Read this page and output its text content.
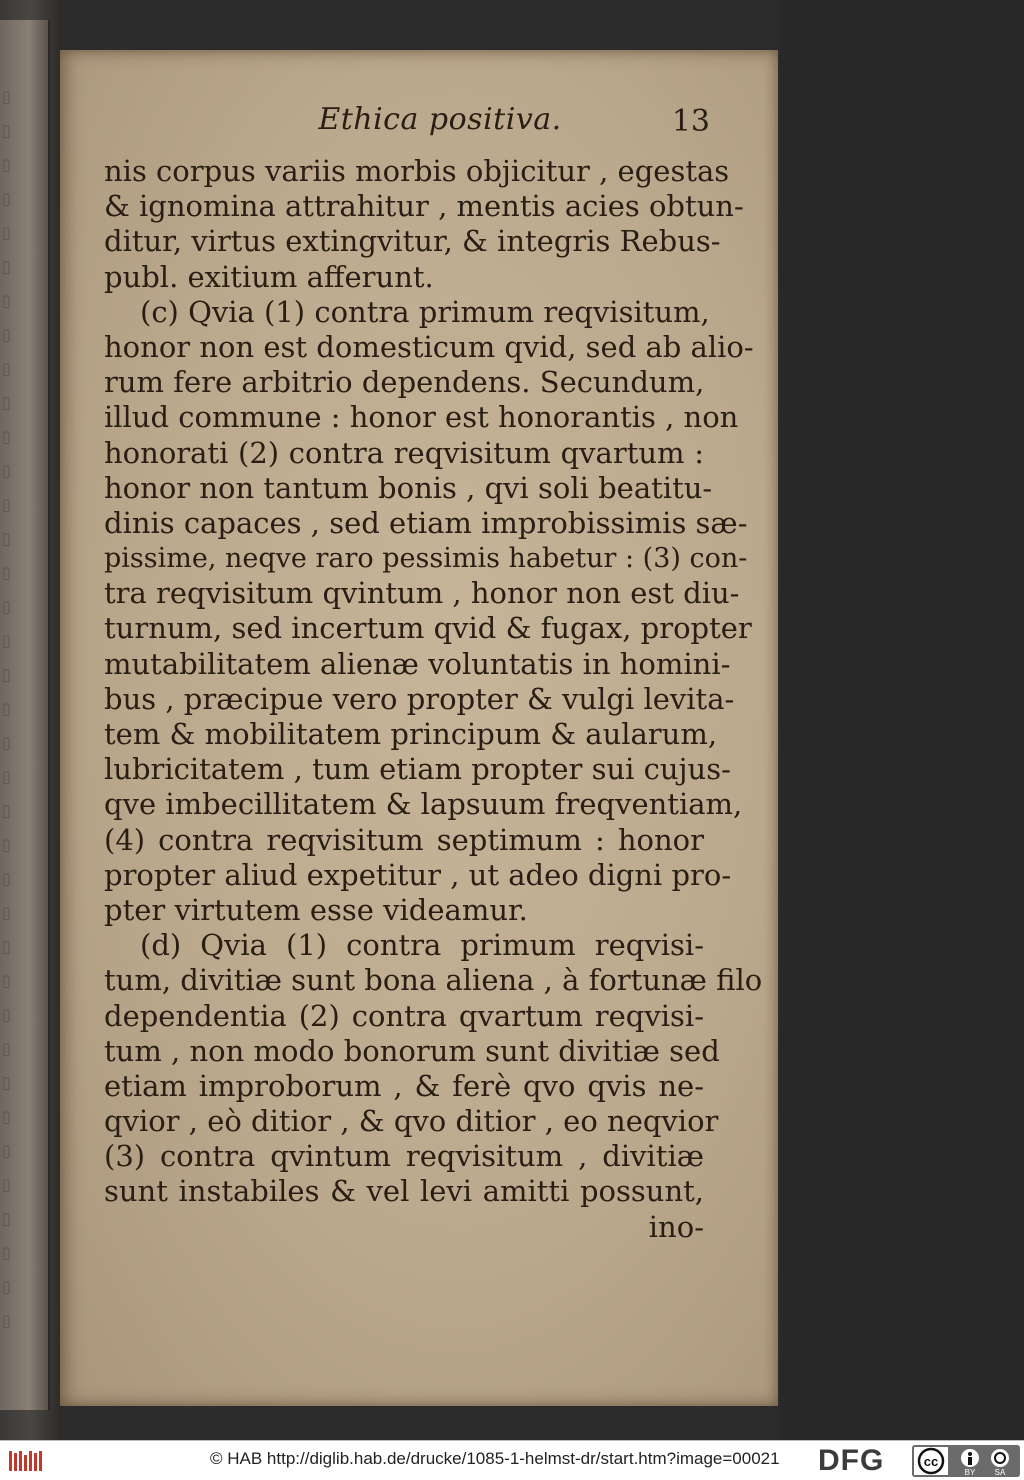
▯
▯
▯
▯
▯
▯
▯
▯
▯
▯
▯
▯
▯
▯
▯
▯
▯
▯
▯
▯
▯
▯
▯
▯
▯
▯
▯
▯
▯
▯
▯
▯
▯
▯
▯
▯
▯
Ethica positiva.	13
nis corpus variis morbis objicitur , egestas
& ignomina attrahitur , mentis acies obtun-
ditur, virtus extingvitur, & integris Rebus-
publ. exitium afferunt.
(c) Qvia (1) contra primum reqvisitum,
honor non est domesticum qvid, sed ab alio-
rum fere arbitrio dependens. Secundum,
illud commune : honor est honorantis , non
honorati (2) contra reqvisitum qvartum :
honor non tantum bonis , qvi soli beatitu-
dinis capaces , sed etiam improbissimis sæ-
pissime, neqve raro pessimis habetur : (3) con-
tra reqvisitum qvintum , honor non est diu-
turnum, sed incertum qvid & fugax, propter
mutabilitatem alienæ voluntatis in homini-
bus , præcipue vero propter & vulgi levita-
tem & mobilitatem principum & aularum,
lubricitatem , tum etiam propter sui cujus-
qve imbecillitatem & lapsuum freqventiam,
(4) contra reqvisitum septimum : honor
propter aliud expetitur , ut adeo digni pro-
pter virtutem esse videamur.
(d) Qvia (1) contra primum reqvisi-
tum, divitiæ sunt bona aliena , à fortunæ filo
dependentia (2) contra qvartum reqvisi-
tum , non modo bonorum sunt divitiæ sed
etiam improborum , & ferè qvo qvis ne-
qvior , eò ditior , & qvo ditior , eo neqvior
(3) contra qvintum reqvisitum , divitiæ
sunt instabiles & vel levi amitti possunt,
ino-
© HAB http://diglib.hab.de/drucke/1085-1-helmst-dr/start.htm?image=00021	DFG	cc
BY SA
